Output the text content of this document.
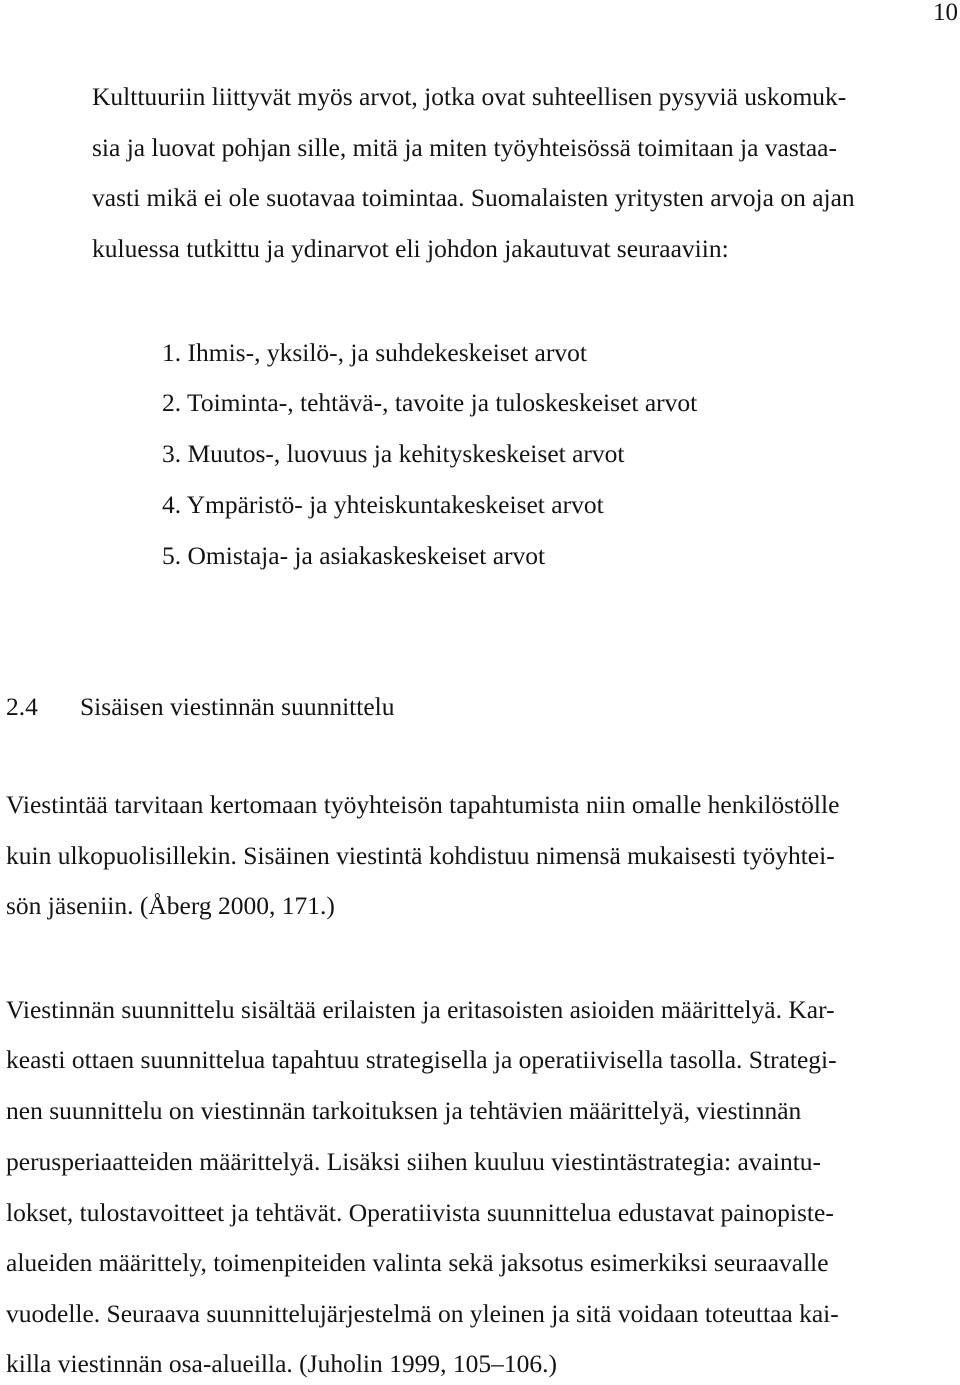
10

Kulttuuriin liittyvät myös arvot, jotka ovat suhteellisen pysyviä uskomuk-

sia ja luovat pohjan sille, mitä ja miten työyhteisössä toimitaan ja vastaa-

vasti mikä ei ole suotavaa toimintaa. Suomalaisten yritysten arvoja on ajan

kuluessa tutkittu ja ydinarvot eli johdon jakautuvat seuraaviin:

1. Ihmis-, yksilö-, ja suhdekeskeiset arvot
2. Toiminta-, tehtävä-, tavoite ja tuloskeskeiset arvot
3. Muutos-, luovuus ja kehityskeskeiset arvot
4. Ympäristö- ja yhteiskuntakeskeiset arvot
5. Omistaja- ja asiakaskeskeiset arvot
2.4 Sisäisen viestinnän suunnittelu

Viestintää tarvitaan kertomaan työyhteisön tapahtumista niin omalle henkilöstölle

kuin ulkopuolisillekin. Sisäinen viestintä kohdistuu nimensä mukaisesti työyhtei-

sön jäseniin. (Åberg 2000, 171.)

Viestinnän suunnittelu sisältää erilaisten ja eritasoisten asioiden määrittelyä. Kar-

keasti ottaen suunnittelua tapahtuu strategisella ja operatiivisella tasolla. Strategi-

nen suunnittelu on viestinnän tarkoituksen ja tehtävien määrittelyä, viestinnän

perusperiaatteiden määrittelyä. Lisäksi siihen kuuluu viestintästrategia: avaintu-

lokset, tulostavoitteet ja tehtävät. Operatiivista suunnittelua edustavat painopiste-

alueiden määrittely, toimenpiteiden valinta sekä jaksotus esimerkiksi seuraavalle

vuodelle. Seuraava suunnittelujärjestelmä on yleinen ja sitä voidaan toteuttaa kai-

killa viestinnän osa-alueilla. (Juholin 1999, 105–106.)
